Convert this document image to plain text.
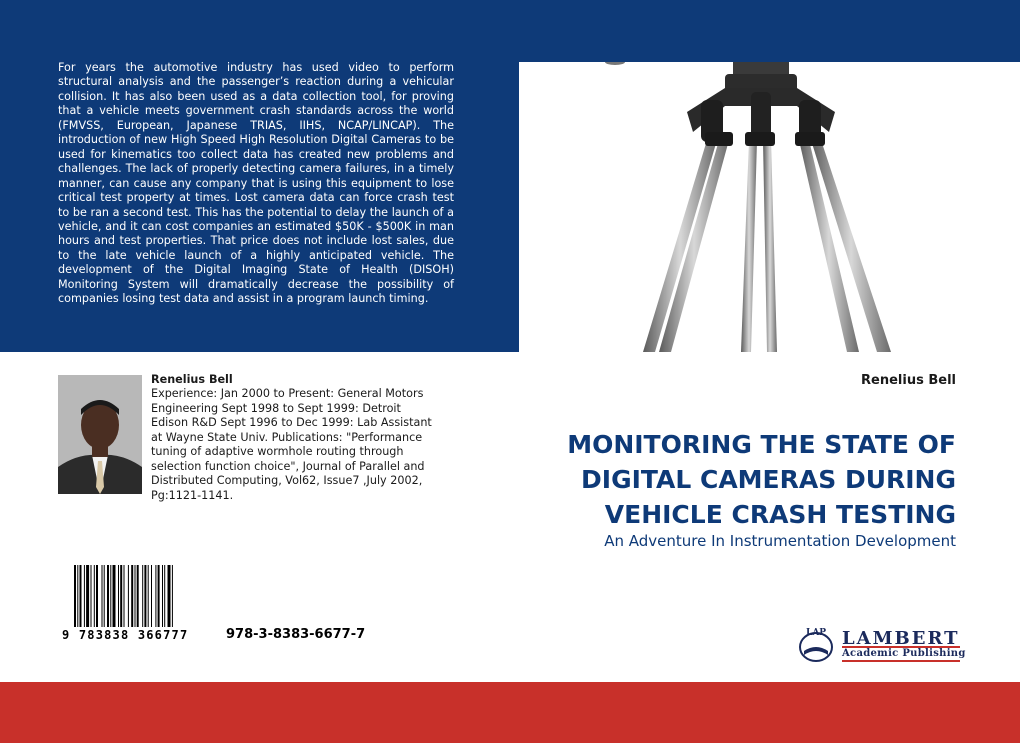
For years the automotive industry has used video to perform structural analysis and the passenger’s reaction during a vehicular collision. It has also been used as a data collection tool, for proving that a vehicle meets government crash standards across the world (FMVSS, European, Japanese TRIAS, IIHS, NCAP/LINCAP). The introduction of new High Speed High Resolution Digital Cameras to be used for kinematics too collect data has created new problems and challenges. The lack of properly detecting camera failures, in a timely manner, can cause any company that is using this equipment to lose critical test property at times. Lost camera data can force crash test to be ran a second test. This has the potential to delay the launch of a vehicle, and it can cost companies an estimated $50K - $500K in man hours and test properties. That price does not include lost sales, due to the late vehicle launch of a highly anticipated vehicle. The development of the Digital Imaging State of Health (DISOH) Monitoring System will dramatically decrease the possibility of companies losing test data and assist in a program launch timing.

Renelius Bell

Experience: Jan 2000 to Present: General Motors Engineering Sept 1998 to Sept 1999: Detroit Edison R&D Sept 1996 to Dec 1999: Lab Assistant at Wayne State Univ. Publications: "Performance tuning of adaptive wormhole routing through selection function choice", Journal of Parallel and Distributed Computing, Vol62, Issue7 ,July 2002, Pg:1121-1141.

Renelius Bell

MONITORING THE STATE OF DIGITAL CAMERAS DURING VEHICLE CRASH TESTING

An Adventure In Instrumentation Development
9 783838 366777	978-3-8383-6677-7	LAMBERT
Academic Publishing
LAP
